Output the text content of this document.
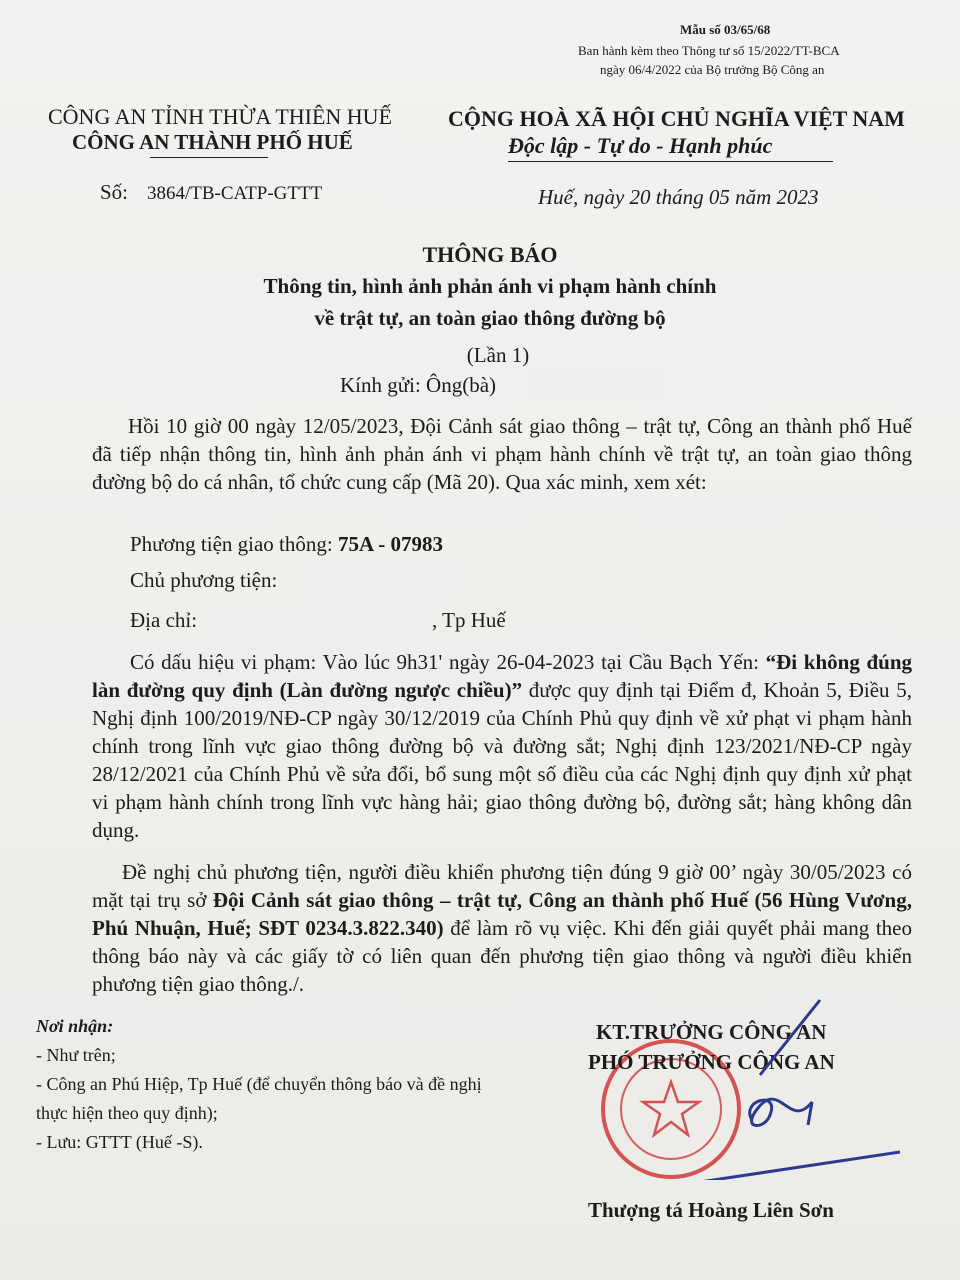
Mẫu số 03/65/68
Ban hành kèm theo Thông tư số 15/2022/TT-BCA
ngày 06/4/2022 của Bộ trưởng Bộ Công an
CÔNG AN TỈNH THỪA THIÊN HUẾ
CÔNG AN THÀNH PHỐ HUẾ
CỘNG HOÀ XÃ HỘI CHỦ NGHĨA VIỆT NAM
Độc lập - Tự do - Hạnh phúc
Số: 3864/TB-CATP-GTTT	Huế, ngày 20 tháng 05 năm 2023
THÔNG BÁO
Thông tin, hình ảnh phản ánh vi phạm hành chính
về trật tự, an toàn giao thông đường bộ
(Lần 1)
Kính gửi: Ông(bà)
Hồi 10 giờ 00 ngày 12/05/2023, Đội Cảnh sát giao thông – trật tự, Công an thành phố Huế đã tiếp nhận thông tin, hình ảnh phản ánh vi phạm hành chính về trật tự, an toàn giao thông đường bộ do cá nhân, tổ chức cung cấp (Mã 20). Qua xác minh, xem xét:
Phương tiện giao thông: 75A - 07983
Chủ phương tiện:
Địa chỉ:	, Tp Huế
Có dấu hiệu vi phạm: Vào lúc 9h31' ngày 26-04-2023 tại Cầu Bạch Yến: “Đi không đúng làn đường quy định (Làn đường ngược chiều)” được quy định tại Điểm đ, Khoản 5, Điều 5, Nghị định 100/2019/NĐ-CP ngày 30/12/2019 của Chính Phủ quy định về xử phạt vi phạm hành chính trong lĩnh vực giao thông đường bộ và đường sắt; Nghị định 123/2021/NĐ-CP ngày 28/12/2021 của Chính Phủ về sửa đổi, bổ sung một số điều của các Nghị định quy định xử phạt vi phạm hành chính trong lĩnh vực hàng hải; giao thông đường bộ, đường sắt; hàng không dân dụng.
Đề nghị chủ phương tiện, người điều khiển phương tiện đúng 9 giờ 00’ ngày 30/05/2023 có mặt tại trụ sở Đội Cảnh sát giao thông – trật tự, Công an thành phố Huế (56 Hùng Vương, Phú Nhuận, Huế; SĐT 0234.3.822.340) để làm rõ vụ việc. Khi đến giải quyết phải mang theo thông báo này và các giấy tờ có liên quan đến phương tiện giao thông và người điều khiển phương tiện giao thông./.
Nơi nhận:
- Như trên;
- Công an Phú Hiệp, Tp Huế (để chuyển thông báo và đề nghị thực hiện theo quy định);
- Lưu: GTTT (Huế -S).
KT.TRƯỞNG CÔNG AN
PHÓ TRƯỞNG CÔNG AN
Thượng tá Hoàng Liên Sơn
